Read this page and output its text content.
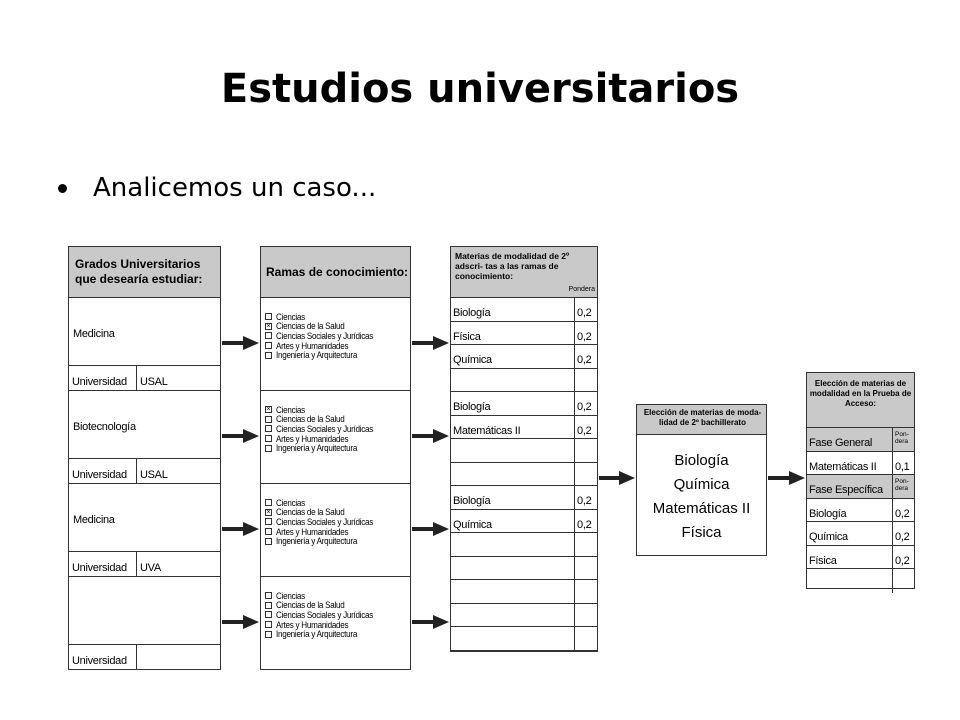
Estudios universitarios
Analicemos un caso...
Grados Universitarios que desearía estudiar:
Medicina
Universidad	USAL
Biotecnología
Universidad	USAL
Medicina
Universidad	UVA
Universidad
Ramas de conocimiento:
Ciencias
× Ciencias de la Salud
Ciencias Sociales y Jurídicas
Artes y Humanidades
Ingeniería y Arquitectura
× Ciencias
Ciencias de la Salud
Ciencias Sociales y Jurídicas
Artes y Humanidades
Ingeniería y Arquitectura
Ciencias
× Ciencias de la Salud
Ciencias Sociales y Jurídicas
Artes y Humanidades
Ingeniería y Arquitectura
Ciencias
Ciencias de la Salud
Ciencias Sociales y Jurídicas
Artes y Humanidades
Ingeniería y Arquitectura
Materias de modalidad de 2º adscri- tas a las ramas de conocimiento:
Pondera
Biología	0,2
Física	0,2
Química	0,2
Biología	0,2
Matemáticas II	0,2
Biología	0,2
Química	0,2
Elección de materias de moda- lidad de 2º bachillerato
Biología
Química
Matemáticas II
Física
Elección de materias de modalidad en la Prueba de Acceso:
Fase General
Pon- dera
Matemáticas II	0,1
Fase Específica
Pon- dera
Biología	0,2
Química	0,2
Física	0,2
